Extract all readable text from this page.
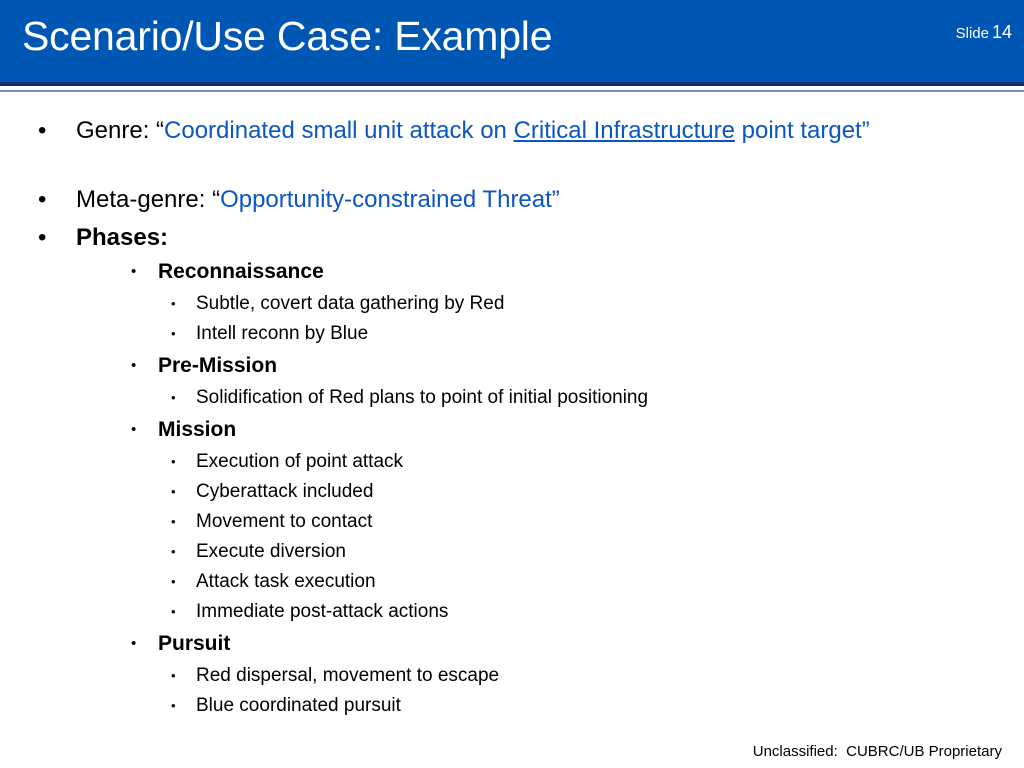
Scenario/Use Case: Example	Slide 14
• Genre: “Coordinated small unit attack on Critical Infrastructure point target”
• Meta-genre: “Opportunity-constrained Threat”
• Phases:
• Reconnaissance
• Subtle, covert data gathering by Red
• Intell reconn by Blue
• Pre-Mission
• Solidification of Red plans to point of initial positioning
• Mission
• Execution of point attack
• Cyberattack included
• Movement to contact
• Execute diversion
• Attack task execution
• Immediate post-attack actions
• Pursuit
• Red dispersal, movement to escape
• Blue coordinated pursuit
Unclassified:  CUBRC/UB Proprietary
